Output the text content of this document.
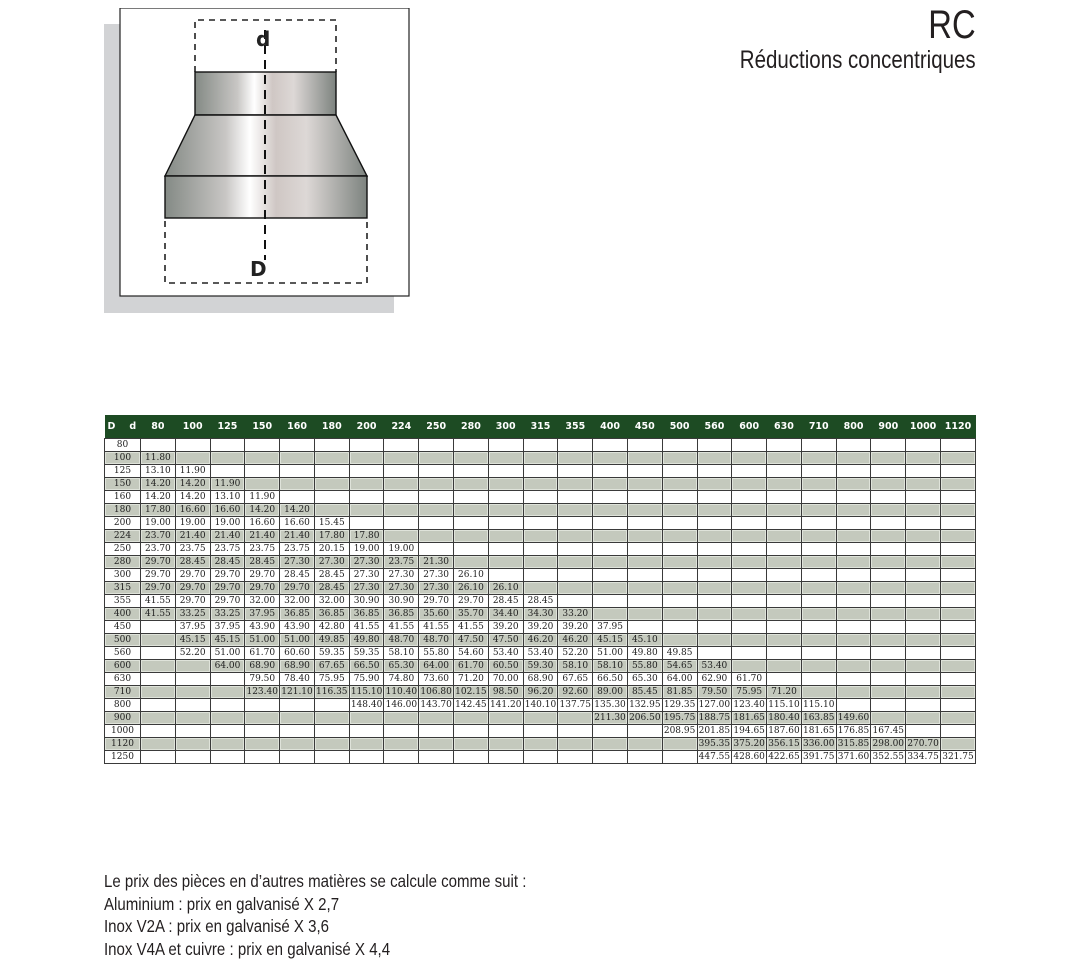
RC
Réductions concentriques
d
D
D d	80	100	125	150	160	180	200	224	250	280	300	315	355	400	450	500	560	600	630	710	800	900	1000	1120
80																								
100	11.80																							
125	13.10	11.90																						
150	14.20	14.20	11.90																					
160	14.20	14.20	13.10	11.90																				
180	17.80	16.60	16.60	14.20	14.20																			
200	19.00	19.00	19.00	16.60	16.60	15.45																		
224	23.70	21.40	21.40	21.40	21.40	17.80	17.80																	
250	23.70	23.75	23.75	23.75	23.75	20.15	19.00	19.00																
280	29.70	28.45	28.45	28.45	27.30	27.30	27.30	23.75	21.30															
300	29.70	29.70	29.70	29.70	28.45	28.45	27.30	27.30	27.30	26.10														
315	29.70	29.70	29.70	29.70	29.70	28.45	27.30	27.30	27.30	26.10	26.10													
355	41.55	29.70	29.70	32.00	32.00	32.00	30.90	30.90	29.70	29.70	28.45	28.45												
400	41.55	33.25	33.25	37.95	36.85	36.85	36.85	36.85	35.60	35.70	34.40	34.30	33.20											
450		37.95	37.95	43.90	43.90	42.80	41.55	41.55	41.55	41.55	39.20	39.20	39.20	37.95										
500		45.15	45.15	51.00	51.00	49.85	49.80	48.70	48.70	47.50	47.50	46.20	46.20	45.15	45.10									
560		52.20	51.00	61.70	60.60	59.35	59.35	58.10	55.80	54.60	53.40	53.40	52.20	51.00	49.80	49.85								
600			64.00	68.90	68.90	67.65	66.50	65.30	64.00	61.70	60.50	59.30	58.10	58.10	55.80	54.65	53.40							
630				79.50	78.40	75.95	75.90	74.80	73.60	71.20	70.00	68.90	67.65	66.50	65.30	64.00	62.90	61.70						
710				123.40	121.10	116.35	115.10	110.40	106.80	102.15	98.50	96.20	92.60	89.00	85.45	81.85	79.50	75.95	71.20					
800							148.40	146.00	143.70	142.45	141.20	140.10	137.75	135.30	132.95	129.35	127.00	123.40	115.10	115.10				
900														211.30	206.50	195.75	188.75	181.65	180.40	163.85	149.60			
1000																208.95	201.85	194.65	187.60	181.65	176.85	167.45		
1120																	395.35	375.20	356.15	336.00	315.85	298.00	270.70	
1250																	447.55	428.60	422.65	391.75	371.60	352.55	334.75	321.75
Le prix des pièces en d’autres matières se calcule comme suit :
Aluminium : prix en galvanisé X 2,7
Inox V2A : prix en galvanisé X 3,6
Inox V4A et cuivre : prix en galvanisé X 4,4
